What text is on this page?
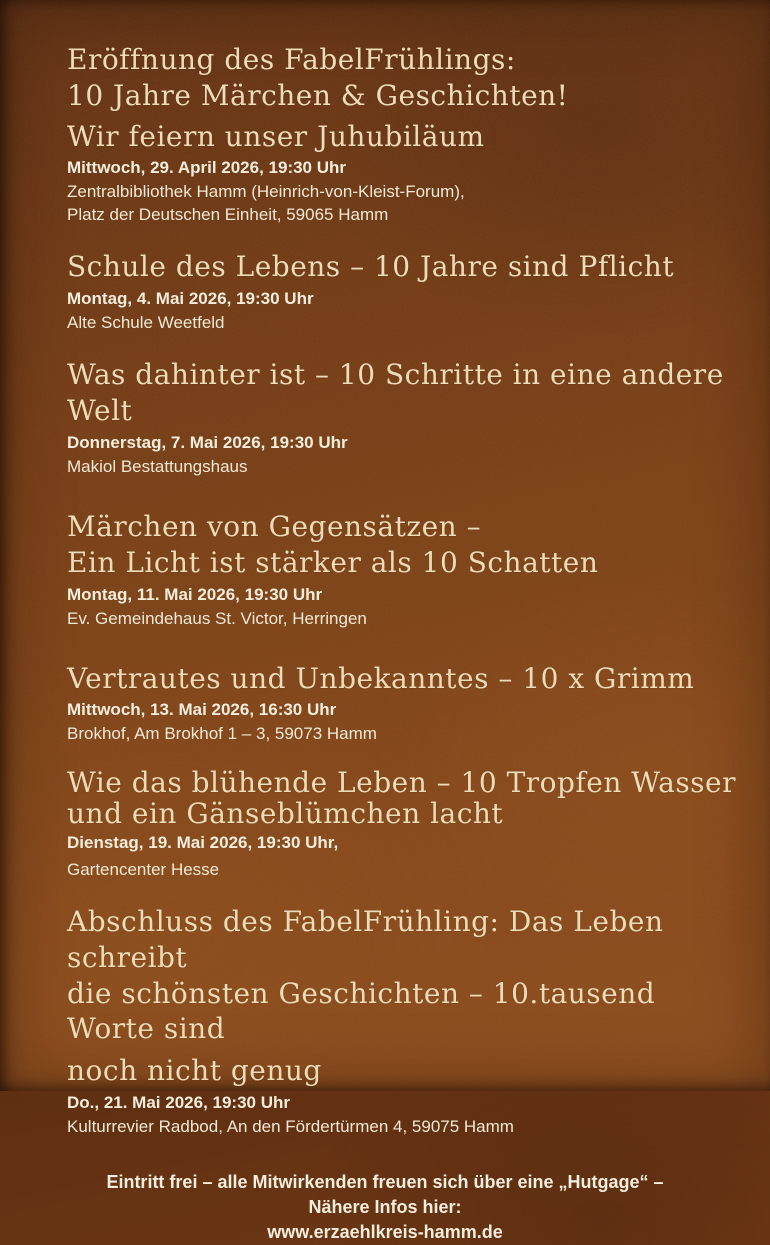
Eröffnung des FabelFrühlings:
10 Jahre Märchen & Geschichten!
Wir feiern unser Juhubiläum

Mittwoch, 29. April 2026, 19:30 Uhr

Zentralbibliothek Hamm (Heinrich-von-Kleist-Forum),
Platz der Deutschen Einheit, 59065 Hamm

Schule des Lebens – 10 Jahre sind Pflicht

Montag, 4. Mai 2026, 19:30 Uhr

Alte Schule Weetfeld

Was dahinter ist – 10 Schritte in eine andere Welt

Donnerstag, 7. Mai 2026, 19:30 Uhr

Makiol Bestattungshaus

Märchen von Gegensätzen –
Ein Licht ist stärker als 10 Schatten

Montag, 11. Mai 2026, 19:30 Uhr

Ev. Gemeindehaus St. Victor, Herringen

Vertrautes und Unbekanntes – 10 x Grimm

Mittwoch, 13. Mai 2026, 16:30 Uhr

Brokhof, Am Brokhof 1 – 3, 59073 Hamm

Wie das blühende Leben – 10 Tropfen Wasser
und ein Gänseblümchen lacht

Dienstag, 19. Mai 2026, 19:30 Uhr,

Gartencenter Hesse

Abschluss des FabelFrühling: Das Leben schreibt
die schönsten Geschichten – 10.tausend Worte sind
noch nicht genug

Do., 21. Mai 2026, 19:30 Uhr

Kulturrevier Radbod, An den Fördertürmen 4, 59075 Hamm

Eintritt frei – alle Mitwirkenden freuen sich über eine „Hutgage“ –

Nähere Infos hier:

www.erzaehlkreis-hamm.de
